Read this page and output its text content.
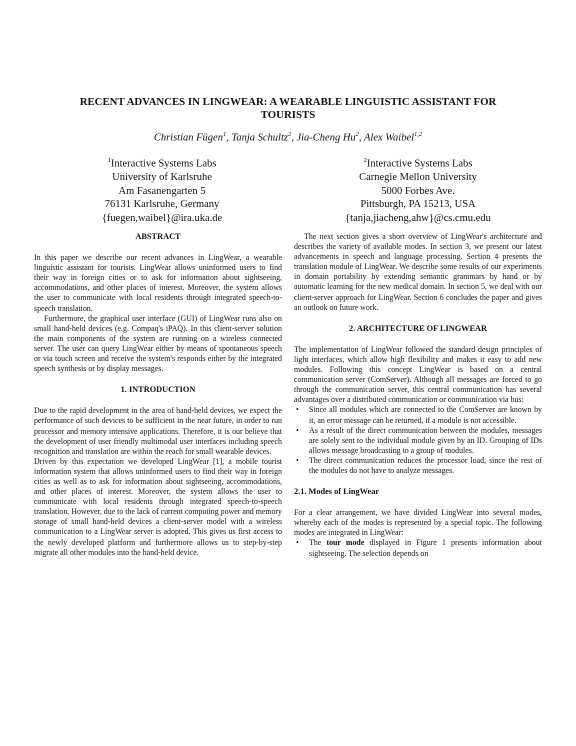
RECENT ADVANCES IN LINGWEAR: A WEARABLE LINGUISTIC ASSISTANT FOR
TOURISTS
Christian Fügen$^1$, Tanja Schultz$^2$, Jia-Cheng Hu$^2$, Alex Waibel$^{1,2}$
$^1$Interactive Systems Labs
University of Karlsruhe
Am Fasanengarten 5
76131 Karlsruhe, Germany
{fuegen,waibel}@ira.uka.de
$^2$Interactive Systems Labs
Carnegie Mellon University
5000 Forbes Ave.
Pittsburgh, PA 15213, USA
{tanja,jiacheng,ahw}@cs.cmu.edu
ABSTRACT

In this paper we describe our recent advances in LingWear, a wearable linguistic assistant for tourists. LingWear allows uninformed users to find their way in foreign cities or to ask for information about sightseeing, accommodations, and other places of interest. Moreover, the system allows the user to communicate with local residents through integrated speech-to-speech translation.

Furthermore, the graphical user interface (GUI) of LingWear runs also on small hand-held devices (e.g. Compaq's iPAQ). In this client-server solution the main components of the system are running on a wireless connected server. The user can query LingWear either by means of spontaneous speech or via touch screen and receive the system's responds either by the integrated speech synthesis or by display messages.

1. INTRODUCTION

Due to the rapid development in the area of hand-held devices, we expect the performance of such devices to be sufficient in the near future, in order to run processor and memory intensive applications. Therefore, it is our believe that the development of user friendly multimodal user interfaces including speech recognition and translation are within the reach for small wearable devices.

Driven by this expectation we developed LingWear [1], a mobile tourist information system that allows uninformed users to find their way in foreign cities as well as to ask for information about sightseeing, accommodations, and other places of interest. Moreover, the system allows the user to communicate with local residents through integrated speech-to-speech translation. However, due to the lack of current computing power and memory storage of small hand-held devices a client-server model with a wireless communication to a LingWear server is adopted. This gives us first access to the newly developed platform and furthermore allows us to step-by-step migrate all other modules into the hand-held device.

The next section gives a short overview of LingWear's architecture and describes the variety of available modes. In section 3, we present our latest advancements in speech and language processing. Section 4 presents the translation module of LingWear. We describe some results of our experiments in domain portability by extending semantic grammars by hand or by automatic learning for the new medical domain. In section 5, we deal with our client-server approach for LingWear. Section 6 concludes the paper and gives an outlook on future work.

2. ARCHITECTURE OF LINGWEAR

The implementation of LingWear followed the standard design principles of light interfaces, which allow high flexibility and makes it easy to add new modules. Following this concept LingWear is based on a central communication server (ComServer). Although all messages are forced to go through the communication server, this central communication has several advantages over a distributed communication or communication via bus:

• Since all modules which are connected to the ComServer are known by it, an error message can be returned, if a module is not accessible.
• As a result of the direct communication between the modules, messages are solely sent to the individual module given by an ID. Grouping of IDs allows message broadcasting to a group of modules.
• The direct communication reduces the processor load, since the rest of the modules do not have to analyze messages.
2.1. Modes of LingWear

For a clear arrangement, we have divided LingWear into several modes, whereby each of the modes is represented by a special topic. The following modes are integrated in LingWear:

• The tour mode displayed in Figure 1 presents information about sightseeing. The selection depends on
